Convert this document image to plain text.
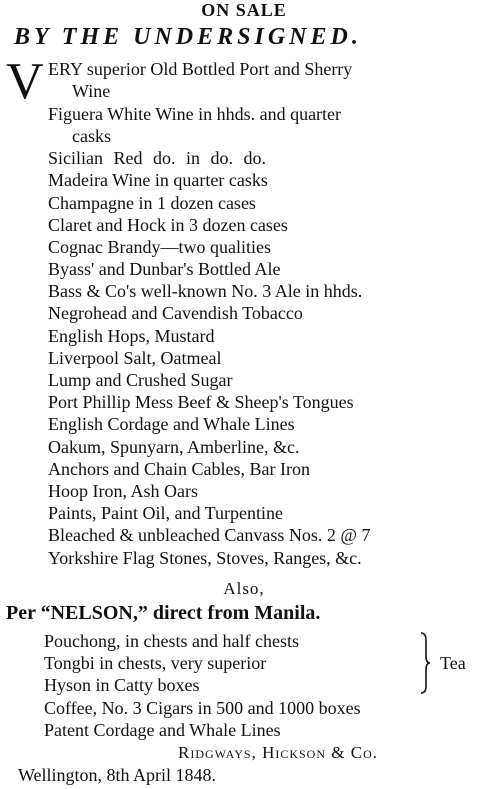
ON SALE
BY THE UNDERSIGNED.
V ERY superior Old Bottled Port and Sherry
Wine
Figuera White Wine in hhds. and quarter
casks
Sicilian Red do. in do. do.
Madeira Wine in quarter casks
Champagne in 1 dozen cases
Claret and Hock in 3 dozen cases
Cognac Brandy—two qualities
Byass' and Dunbar's Bottled Ale
Bass & Co's well-known No. 3 Ale in hhds.
Negrohead and Cavendish Tobacco
English Hops, Mustard
Liverpool Salt, Oatmeal
Lump and Crushed Sugar
Port Phillip Mess Beef & Sheep's Tongues
English Cordage and Whale Lines
Oakum, Spunyarn, Amberline, &c.
Anchors and Chain Cables, Bar Iron
Hoop Iron, Ash Oars
Paints, Paint Oil, and Turpentine
Bleached & unbleached Canvass Nos. 2 @ 7
Yorkshire Flag Stones, Stoves, Ranges, &c.
Also,
Per “NELSON,” direct from Manila.
Pouchong, in chests and half chests
Tongbi in chests, very superior
Hyson in Catty boxes
Tea
Coffee, No. 3 Cigars in 500 and 1000 boxes
Patent Cordage and Whale Lines
Ridgways, Hickson & Co.
Wellington, 8th April 1848.
